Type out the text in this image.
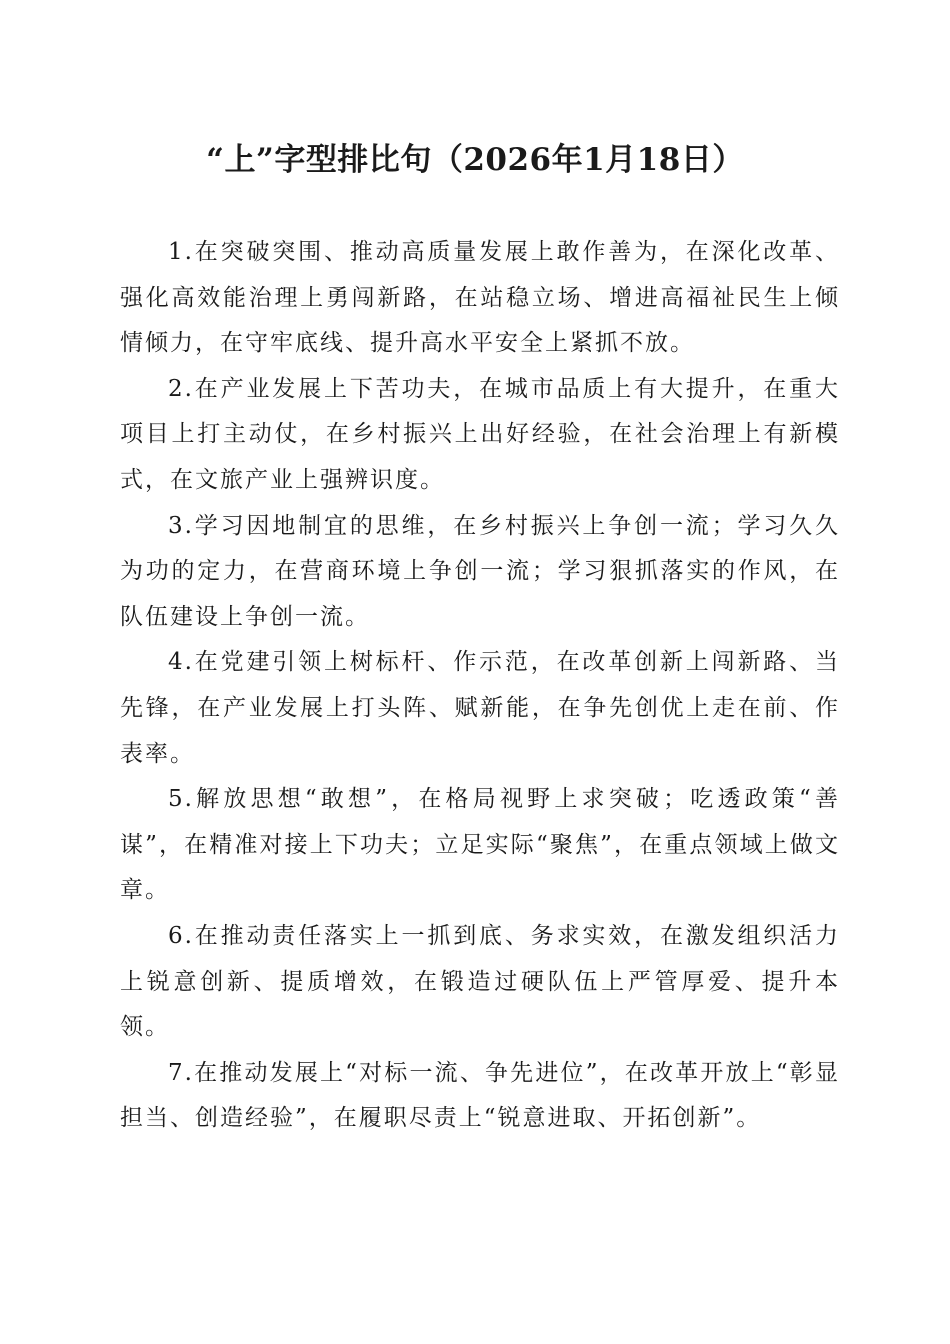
“上”字型排比句（2026年1月18日）

1.在突破突围、推动高质量发展上敢作善为，在深化改革、强化高效能治理上勇闯新路，在站稳立场、增进高福祉民生上倾情倾力，在守牢底线、提升高水平安全上紧抓不放。

2.在产业发展上下苦功夫，在城市品质上有大提升，在重大项目上打主动仗，在乡村振兴上出好经验，在社会治理上有新模式，在文旅产业上强辨识度。

3.学习因地制宜的思维，在乡村振兴上争创一流；学习久久为功的定力，在营商环境上争创一流；学习狠抓落实的作风，在队伍建设上争创一流。

4.在党建引领上树标杆、作示范，在改革创新上闯新路、当先锋，在产业发展上打头阵、赋新能，在争先创优上走在前、作表率。

5.解放思想“敢想”，在格局视野上求突破；吃透政策“善谋”，在精准对接上下功夫；立足实际“聚焦”，在重点领域上做文章。

6.在推动责任落实上一抓到底、务求实效，在激发组织活力上锐意创新、提质增效，在锻造过硬队伍上严管厚爱、提升本领。

7.在推动发展上“对标一流、争先进位”，在改革开放上“彰显担当、创造经验”，在履职尽责上“锐意进取、开拓创新”。
